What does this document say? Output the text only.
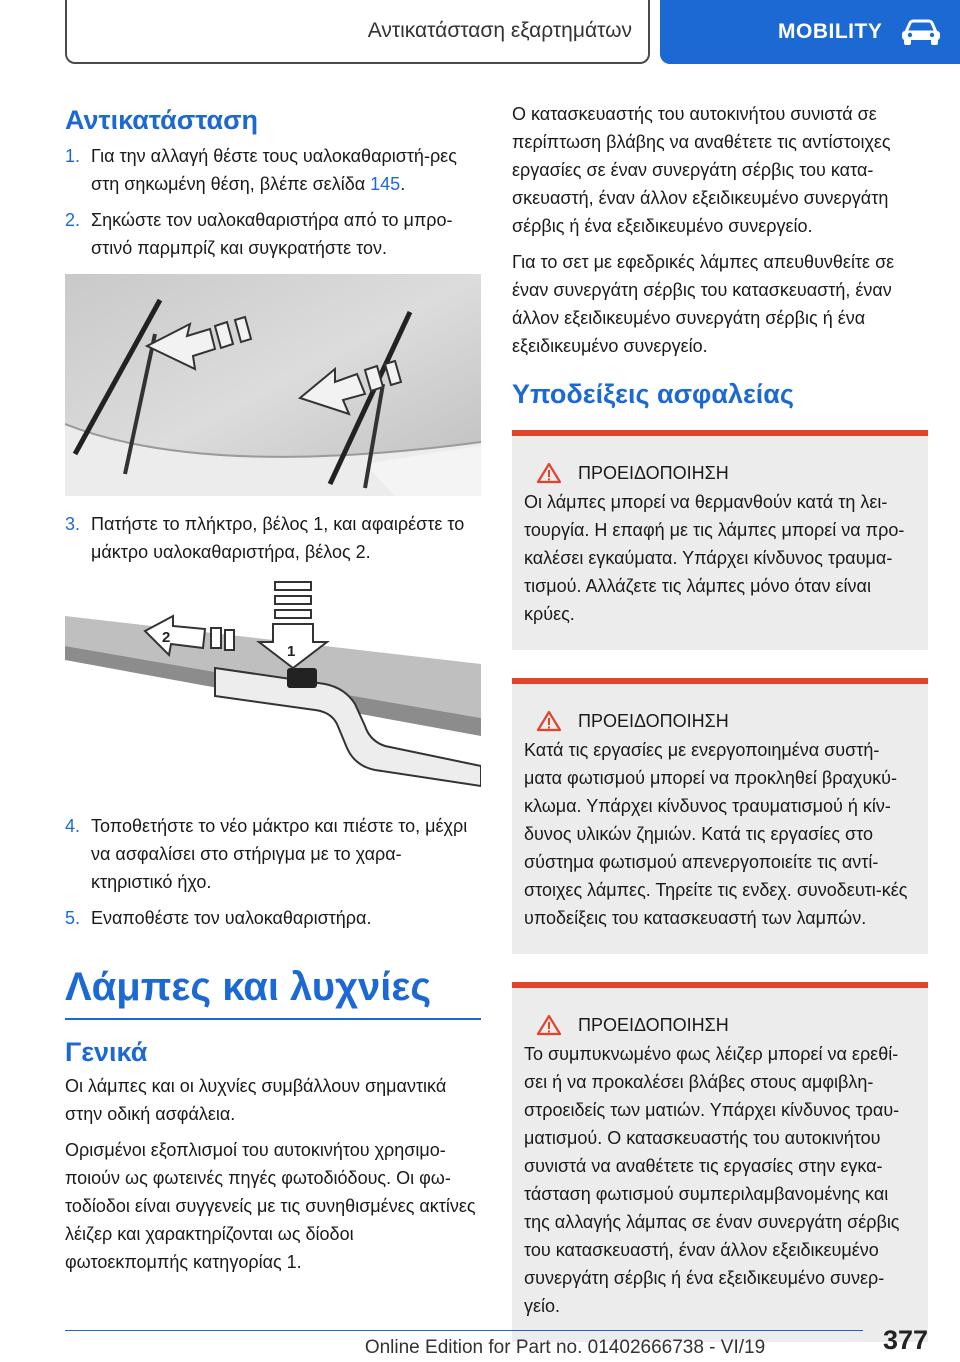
Αντικατάσταση εξαρτημάτων	MOBILITY
Αντικατάσταση
1. Για την αλλαγή θέστε τους υαλοκαθαριστή-ρες στη σηκωμένη θέση, βλέπε σελίδα 145.
2. Σηκώστε τον υαλοκαθαριστήρα από το μπρο-στινό παρμπρίζ και συγκρατήστε τον.
3. Πατήστε το πλήκτρο, βέλος 1, και αφαιρέστε το μάκτρο υαλοκαθαριστήρα, βέλος 2.
2
1
4. Τοποθετήστε το νέο μάκτρο και πιέστε το, μέχρι να ασφαλίσει στο στήριγμα με το χαρα-κτηριστικό ήχο.
5. Εναποθέστε τον υαλοκαθαριστήρα.
Λάμπες και λυχνίες
Γενικά
Οι λάμπες και οι λυχνίες συμβάλλουν σημαντικά στην οδική ασφάλεια.
Ορισμένοι εξοπλισμοί του αυτοκινήτου χρησιμο-ποιούν ως φωτεινές πηγές φωτοδιόδους. Οι φω-τοδίοδοι είναι συγγενείς με τις συνηθισμένες ακτίνες λέιζερ και χαρακτηρίζονται ως δίοδοι φωτοεκπομπής κατηγορίας 1.
Ο κατασκευαστής του αυτοκινήτου συνιστά σε περίπτωση βλάβης να αναθέτετε τις αντίστοιχες εργασίες σε έναν συνεργάτη σέρβις του κατα-σκευαστή, έναν άλλον εξειδικευμένο συνεργάτη σέρβις ή ένα εξειδικευμένο συνεργείο.
Για το σετ με εφεδρικές λάμπες απευθυνθείτε σε έναν συνεργάτη σέρβις του κατασκευαστή, έναν άλλον εξειδικευμένο συνεργάτη σέρβις ή ένα εξειδικευμένο συνεργείο.
Υποδείξεις ασφαλείας
ΠΡΟΕΙΔΟΠΟΙΗΣΗ
Οι λάμπες μπορεί να θερμανθούν κατά τη λει-τουργία. Η επαφή με τις λάμπες μπορεί να προ-καλέσει εγκαύματα. Υπάρχει κίνδυνος τραυμα-τισμού. Αλλάζετε τις λάμπες μόνο όταν είναι κρύες.
ΠΡΟΕΙΔΟΠΟΙΗΣΗ
Κατά τις εργασίες με ενεργοποιημένα συστή-ματα φωτισμού μπορεί να προκληθεί βραχυκύ-κλωμα. Υπάρχει κίνδυνος τραυματισμού ή κίν-δυνος υλικών ζημιών. Κατά τις εργασίες στο σύστημα φωτισμού απενεργοποιείτε τις αντί-στοιχες λάμπες. Τηρείτε τις ενδεχ. συνοδευτι-κές υποδείξεις του κατασκευαστή των λαμπών.
ΠΡΟΕΙΔΟΠΟΙΗΣΗ
Το συμπυκνωμένο φως λέιζερ μπορεί να ερεθί-σει ή να προκαλέσει βλάβες στους αμφιβλη-στροειδείς των ματιών. Υπάρχει κίνδυνος τραυ-ματισμού. Ο κατασκευαστής του αυτοκινήτου συνιστά να αναθέτετε τις εργασίες στην εγκα-τάσταση φωτισμού συμπεριλαμβανομένης και της αλλαγής λάμπας σε έναν συνεργάτη σέρβις του κατασκευαστή, έναν άλλον εξειδικευμένο συνεργάτη σέρβις ή ένα εξειδικευμένο συνερ-γείο.
377
Online Edition for Part no. 01402666738 - VI/19
